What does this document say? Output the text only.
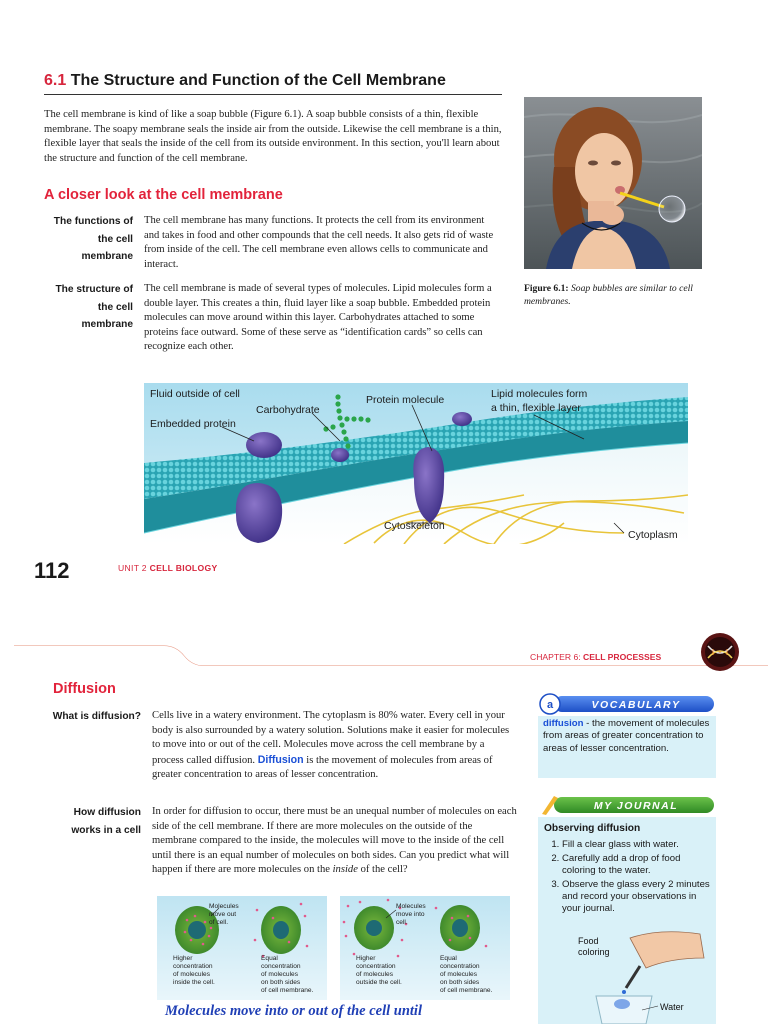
6.1 The Structure and Function of the Cell Membrane
The cell membrane is kind of like a soap bubble (Figure 6.1). A soap bubble consists of a thin, flexible membrane. The soapy membrane seals the inside air from the outside. Likewise the cell membrane is a thin, flexible layer that seals the inside of the cell from its outside environment. In this section, you'll learn about the structure and function of the cell membrane.
A closer look at the cell membrane
The functions of the cell membrane
The cell membrane has many functions. It protects the cell from its environment and takes in food and other compounds that the cell needs. It also gets rid of waste from inside of the cell. The cell membrane even allows cells to communicate and interact.
The structure of the cell membrane
The cell membrane is made of several types of molecules. Lipid molecules form a double layer. This creates a thin, fluid layer like a soap bubble. Embedded protein molecules can move around within this layer. Carbohydrates attached to some proteins face outward. Some of these serve as “identification cards” so cells can recognize each other.
Figure 6.1: Soap bubbles are similar to cell membranes.
Fluid outside of cell
Carbohydrate
Embedded protein
Protein molecule	Lipid molecules form
a thin, flexible layer
Cytoskeleton
Cytoplasm
112	UNIT 2 CELL BIOLOGY
CHAPTER 6: CELL PROCESSES
Diffusion
What is diffusion? Cells live in a watery environment. The cytoplasm is 80% water. Every cell in your body is also surrounded by a watery solution. Solutions make it easier for molecules to move into or out of the cell. Molecules move across the cell membrane by a process called diffusion. Diffusion is the movement of molecules from areas of greater concentration to areas of lesser concentration.
How diffusion works in a cell
In order for diffusion to occur, there must be an unequal number of molecules on each side of the cell membrane. If there are more molecules on the outside of the membrane compared to the inside, the molecules will move to the inside of the cell until there is an equal number of molecules on both sides. Can you predict what will happen if there are more molecules on the inside of the cell?
Molecules move out of cell.
Higher concentration of molecules inside the cell.
Equal concentration of molecules on both sides of cell membrane.
Molecules move into cell.
Higher concentration of molecules outside the cell.
Equal concentration of molecules on both sides of cell membrane.
Molecules move into or out of the cell until
a	VOCABULARY
diffusion - the movement of molecules from areas of greater concentration to areas of lesser concentration.
MY JOURNAL
Observing diffusion
1. Fill a clear glass with water.
2. Carefully add a drop of food coloring to the water.
3. Observe the glass every 2 minutes and record your observations in your journal.
Food
coloring
Water
